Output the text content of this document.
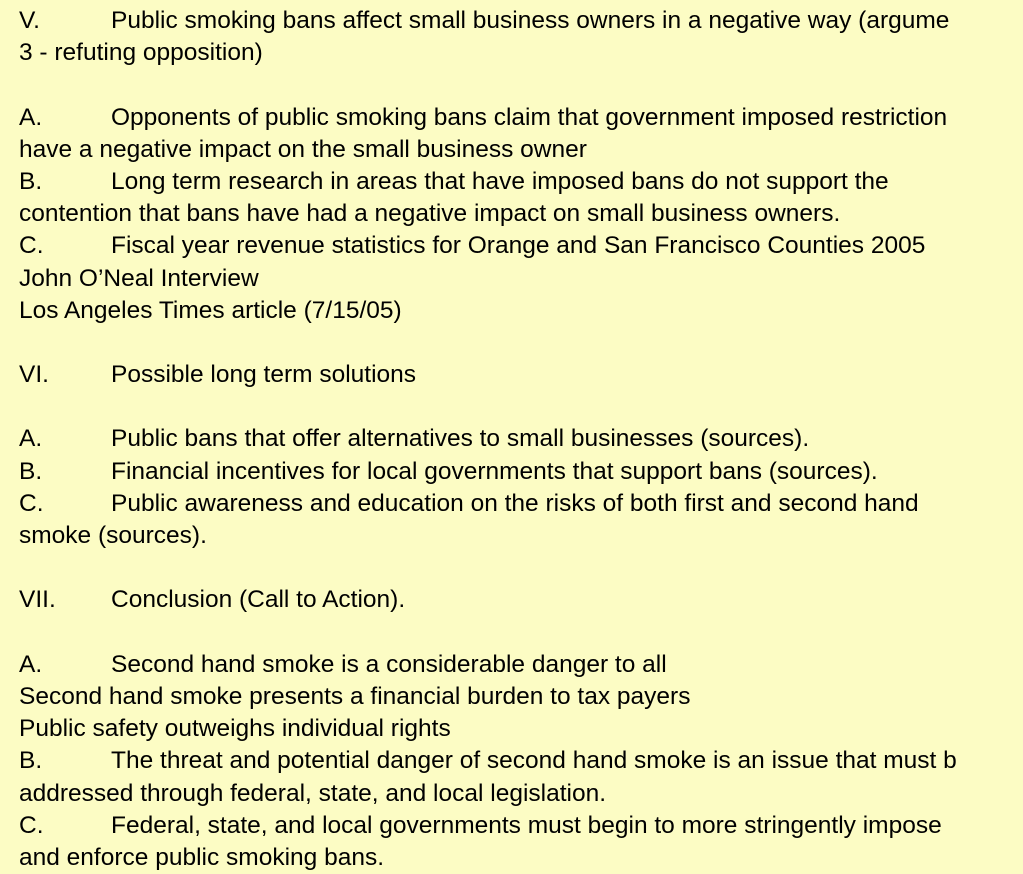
V.	Public smoking bans affect small business owners in a negative way (argume
3 - refuting opposition)
A.	Opponents of public smoking bans claim that government imposed restriction
have a negative impact on the small business owner
B.	Long term research in areas that have imposed bans do not support the
contention that bans have had a negative impact on small business owners.
C.	Fiscal year revenue statistics for Orange and San Francisco Counties 2005
John O’Neal Interview
Los Angeles Times article (7/15/05)
VI.	Possible long term solutions
A.	Public bans that offer alternatives to small businesses (sources).
B.	Financial incentives for local governments that support bans (sources).
C.	Public awareness and education on the risks of both first and second hand
smoke (sources).
VII. Conclusion (Call to Action).
A.	Second hand smoke is a considerable danger to all
Second hand smoke presents a financial burden to tax payers
Public safety outweighs individual rights
B.	The threat and potential danger of second hand smoke is an issue that must b
addressed through federal, state, and local legislation.
C.	Federal, state, and local governments must begin to more stringently impose
and enforce public smoking bans.
